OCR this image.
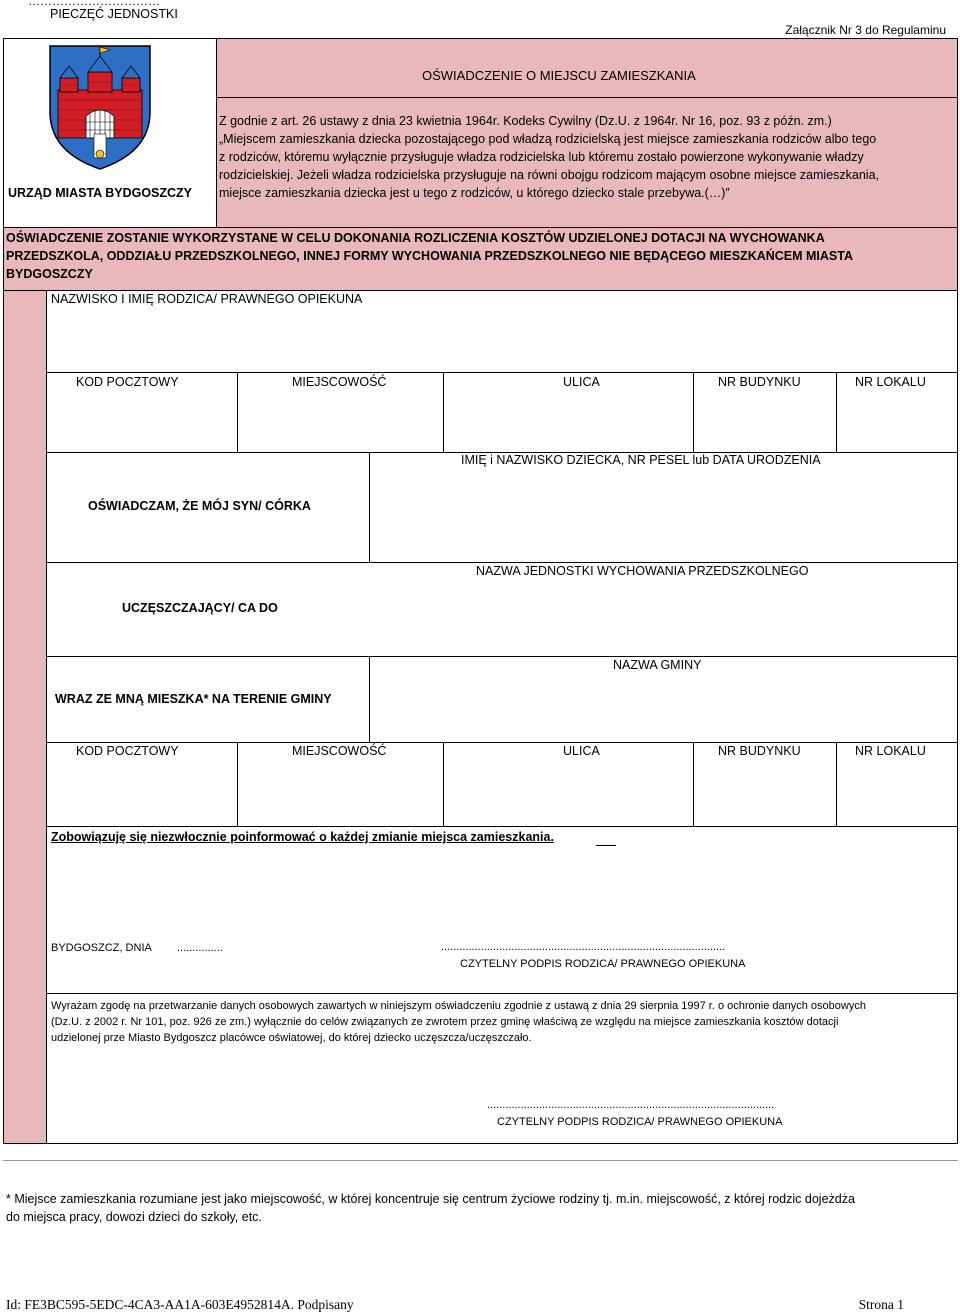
……………………………
PIECZĘĆ JEDNOSTKI
Załącznik Nr 3 do Regulaminu
URZĄD MIASTA BYDGOSZCZY
OŚWIADCZENIE O MIEJSCU ZAMIESZKANIA
Z godnie z art. 26 ustawy z dnia 23 kwietnia 1964r. Kodeks Cywilny (Dz.U. z 1964r. Nr 16, poz. 93 z późn. zm.)
„Miejscem zamieszkania dziecka pozostającego pod władzą rodzicielską jest miejsce zamieszkania rodziców albo tego
z rodziców, któremu wyłącznie przysługuje władza rodzicielska lub któremu zostało powierzone wykonywanie władzy
rodzicielskiej. Jeżeli władza rodzicielska przysługuje na równi obojgu rodzicom mającym osobne miejsce zamieszkania,
miejsce zamieszkania dziecka jest u tego z rodziców, u którego dziecko stale przebywa.(…)”
OŚWIADCZENIE ZOSTANIE WYKORZYSTANE W CELU DOKONANIA ROZLICZENIA KOSZTÓW UDZIELONEJ DOTACJI NA WYCHOWANKA
PRZEDSZKOLA, ODDZIAŁU PRZEDSZKOLNEGO, INNEJ FORMY WYCHOWANIA PRZEDSZKOLNEGO NIE BĘDĄCEGO MIESZKAŃCEM MIASTA
BYDGOSZCZY
NAZWISKO I IMIĘ RODZICA/ PRAWNEGO OPIEKUNA
KOD POCZTOWY	MIEJSCOWOŚĆ	ULICA	NR BUDYNKU	NR LOKALU
IMIĘ i NAZWISKO DZIECKA, NR PESEL lub DATA URODZENIA
OŚWIADCZAM, ŻE MÓJ SYN/ CÓRKA
NAZWA JEDNOSTKI WYCHOWANIA PRZEDSZKOLNEGO
UCZĘSZCZAJĄCY/ CA DO
NAZWA GMINY
WRAZ ZE MNĄ MIESZKA* NA TERENIE GMINY
KOD POCZTOWY	MIEJSCOWOŚĆ	ULICA	NR BUDYNKU	NR LOKALU
Zobowiązuję się niezwłocznie poinformować o każdej zmianie miejsca zamieszkania.
BYDGOSZCZ, DNIA ...............	.............................................................................................
CZYTELNY PODPIS RODZICA/ PRAWNEGO OPIEKUNA
Wyrażam zgodę na przetwarzanie danych osobowych zawartych w niniejszym oświadczeniu zgodnie z ustawą z dnia 29 sierpnia 1997 r. o ochronie danych osobowych
(Dz.U. z 2002 r. Nr 101, poz. 926 ze zm.) wyłącznie do celów związanych ze zwrotem przez gminę właściwą ze względu na miejsce zamieszkania kosztów dotacji
udzielonej prze Miasto Bydgoszcz placówce oświatowej, do której dziecko uczęszcza/uczęszczało.
..............................................................................................
CZYTELNY PODPIS RODZICA/ PRAWNEGO OPIEKUNA
* Miejsce zamieszkania rozumiane jest jako miejscowość, w której koncentruje się centrum życiowe rodziny tj. m.in. miejscowość, z której rodzic dojeżdża
do miejsca pracy, dowozi dzieci do szkoły, etc.
Id: FE3BC595-5EDC-4CA3-AA1A-603E4952814A. Podpisany	Strona 1
